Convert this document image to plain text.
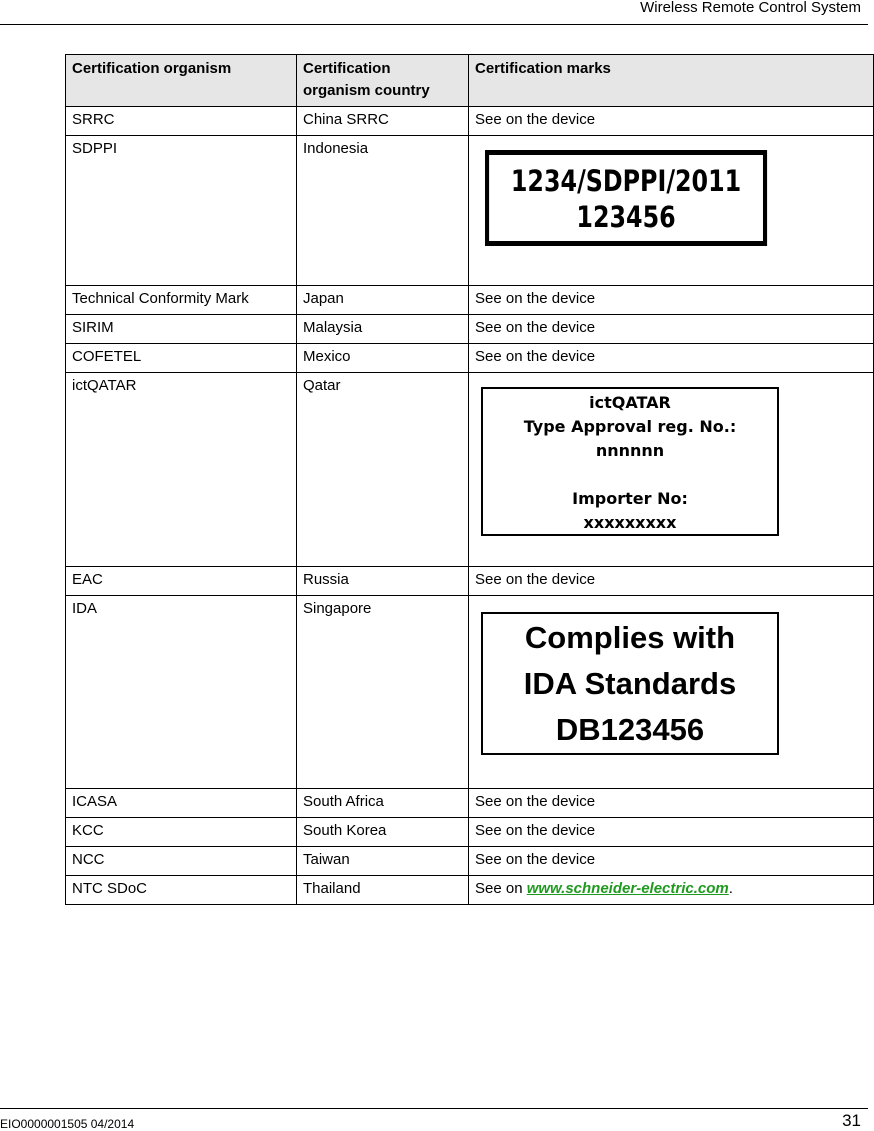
Wireless Remote Control System
Certification organism	Certification organism country	Certification marks
SRRC	China SRRC	See on the device
SDPPI	Indonesia	1234/SDPPI/2011
123456

Technical Conformity Mark	Japan	See on the device
SIRIM	Malaysia	See on the device
COFETEL	Mexico	See on the device
ictQATAR	Qatar	ictQATAR
Type Approval reg. No.:
nnnnnn
Importer No:
xxxxxxxxx

EAC	Russia	See on the device
IDA	Singapore	Complies with
IDA Standards
DB123456

ICASA	South Africa	See on the device
KCC	South Korea	See on the device
NCC	Taiwan	See on the device
NTC SDoC	Thailand	See on www.schneider-electric.com.
EIO0000001505 04/2014	31
